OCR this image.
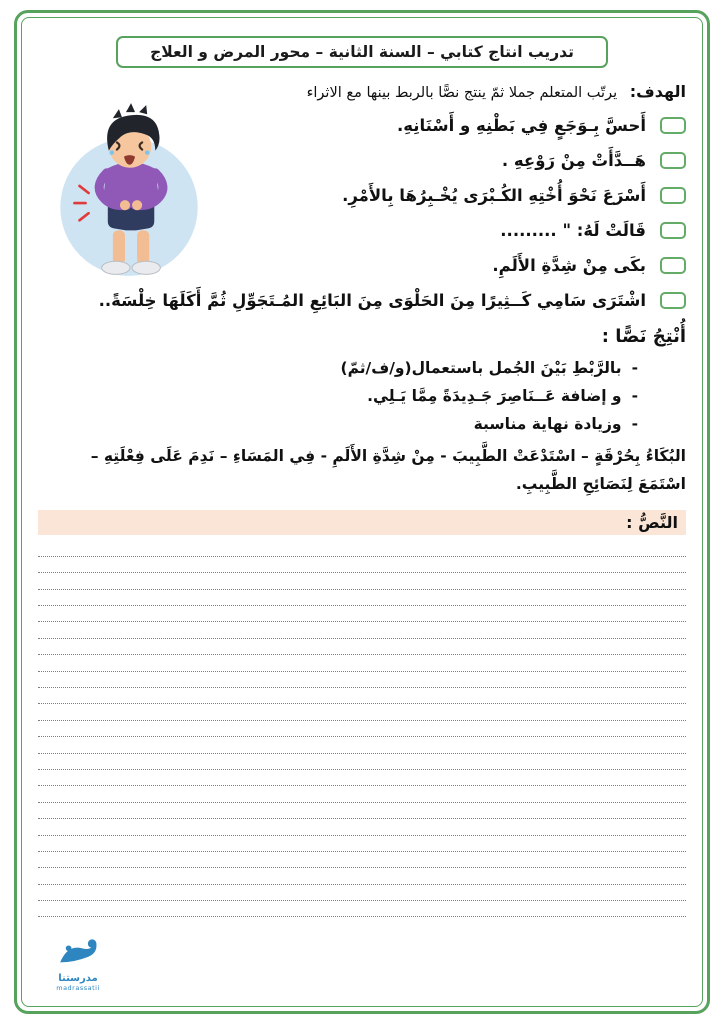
تدريب انتاج كتابي – السنة الثانية – محور المرض و العلاج
الهدف: يرتّب المتعلم جملا ثمّ ينتج نصًّا بالربط بينها مع الاثراء
أَحسَّ بِـوَجَعٍ فِي بَطْنِهِ و أَسْنَانِهِ.
هَــدَّأَتْ مِنْ رَوْعِهِ .
أَسْرَعَ نَحْوَ أُخْتِهِ الكُـبْرَى يُخْـبِرُهَا بِالأَمْرِ.
قَالَتْ لَهُ: " .........
بكَى مِنْ شِدَّةِ الأَلَمِ.
اشْتَرَى سَامِي كَــثِيرًا مِنَ الحَلْوَى مِنَ البَائِعِ المُـتَجَوِّلِ ثُمَّ أَكَلَهَا خِلْسَةً..
أُنْتِجُ نَصًّا :
-
بالرَّبْطِ بَيْنَ الجُمل باستعمال(و/ف/ثمّ)
-
و إضافة عَــنَاصِرَ جَـدِيدَةً مِمَّا يَـلِي.
-
وزيادة نهاية مناسبة
البُكَاءُ بِحُرْقَةٍ – اسْتَدْعَتْ الطَّبِيبَ - مِنْ شِدَّةِ الأَلَمِ - فِي المَسَاءِ – نَدِمَ عَلَى فِعْلَتِهِ – اسْتَمَعَ لِنَصَائِحِ الطَّبِيبِ.
النَّصُّ :
مدرستنا
madrassatii
